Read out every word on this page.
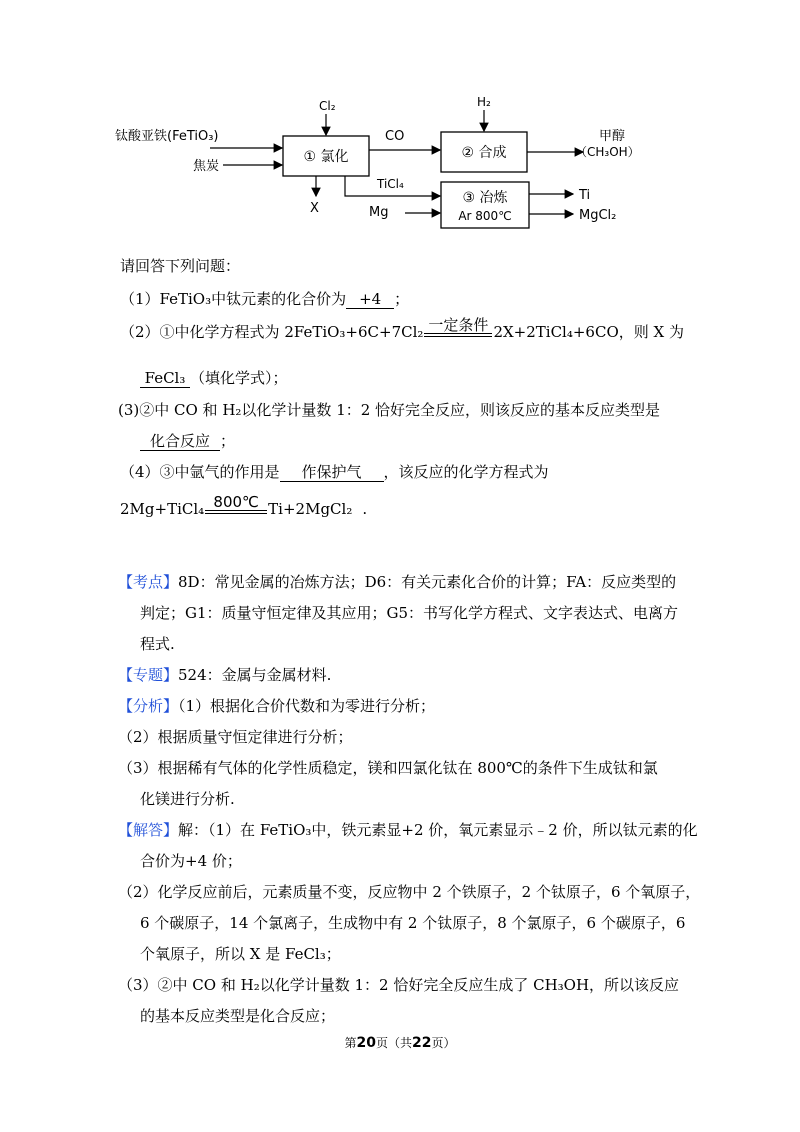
① 氯化	② 合成
③ 冶炼
Ar 800℃
钛酸亚铁(FeTiO₃)
焦炭
Cl₂
X
CO
H₂
甲醇
（CH₃OH）
TiCl₄
Mg
Ti
MgCl₂
请回答下列问题：
（1）FeTiO₃中钛元素的化合价为 +4 ；
（2）①中化学方程式为 2FeTiO₃+6C+7Cl₂ 一定条件 2X+2TiCl₄+6CO，则 X 为
FeCl₃ （填化学式）；
(3)②中 CO 和 H₂以化学计量数 1：2 恰好完全反应，则该反应的基本反应类型是
化合反应 ；
（4）③中氩气的作用是 作保护气 ，该反应的化学方程式为
2Mg+TiCl₄ 800℃ Ti+2MgCl₂ .
【考点】8D：常见金属的冶炼方法；D6：有关元素化合价的计算；FA：反应类型的
判定；G1：质量守恒定律及其应用；G5：书写化学方程式、文字表达式、电离方
程式.
【专题】524：金属与金属材料.
【分析】（1）根据化合价代数和为零进行分析；
（2）根据质量守恒定律进行分析；
（3）根据稀有气体的化学性质稳定，镁和四氯化钛在 800℃的条件下生成钛和氯
化镁进行分析.
【解答】解：（1）在 FeTiO₃中，铁元素显+2 价，氧元素显示﹣2 价，所以钛元素的化
合价为+4 价；
（2）化学反应前后，元素质量不变，反应物中 2 个铁原子，2 个钛原子，6 个氧原子，
6 个碳原子，14 个氯离子，生成物中有 2 个钛原子，8 个氯原子，6 个碳原子，6
个氧原子，所以 X 是 FeCl₃；
（3）②中 CO 和 H₂以化学计量数 1：2 恰好完全反应生成了 CH₃OH，所以该反应
的基本反应类型是化合反应；
第20页（共22页）
